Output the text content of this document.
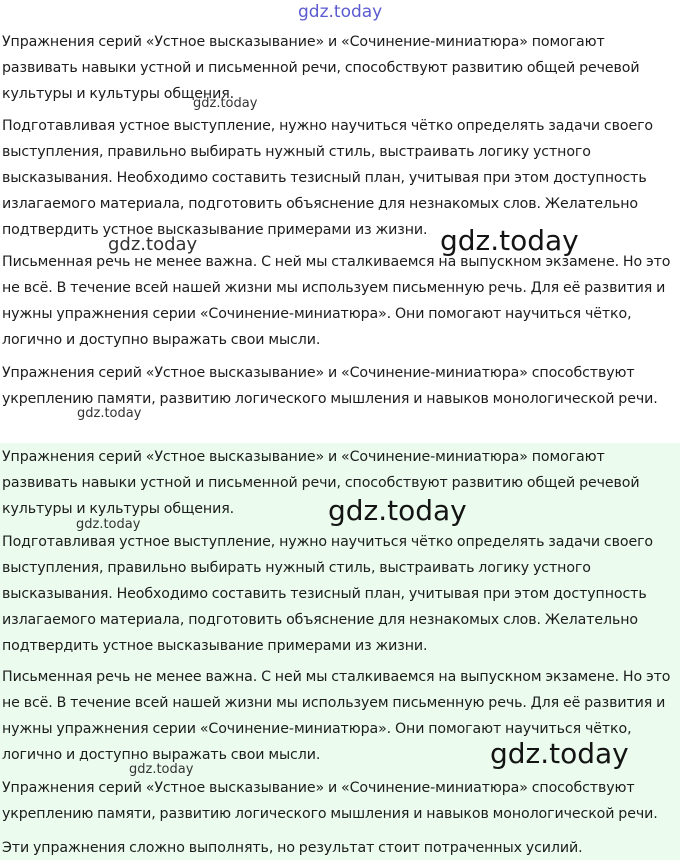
Упражнения серий «Устное высказывание» и «Сочинение-миниатюра» помогают развивать навыки устной и письменной речи, способствуют развитию общей речевой культуры и культуры общения.

Подготавливая устное выступление, нужно научиться чётко определять задачи своего выступления, правильно выбирать нужный стиль, выстраивать логику устного высказывания. Необходимо составить тезисный план, учитывая при этом доступность излагаемого материала, подготовить объяснение для незнакомых слов. Желательно подтвердить устное высказывание примерами из жизни.

Письменная речь не менее важна. С ней мы сталкиваемся на выпускном экзамене. Но это не всё. В течение всей нашей жизни мы используем письменную речь. Для её развития и нужны упражнения серии «Сочинение-миниатюра». Они помогают научиться чётко, логично и доступно выражать свои мысли.

Упражнения серий «Устное высказывание» и «Сочинение-миниатюра» способствуют укреплению памяти, развитию логического мышления и навыков монологической речи.

Упражнения серий «Устное высказывание» и «Сочинение-миниатюра» помогают развивать навыки устной и письменной речи, способствуют развитию общей речевой культуры и культуры общения.

Подготавливая устное выступление, нужно научиться чётко определять задачи своего выступления, правильно выбирать нужный стиль, выстраивать логику устного высказывания. Необходимо составить тезисный план, учитывая при этом доступность излагаемого материала, подготовить объяснение для незнакомых слов. Желательно подтвердить устное высказывание примерами из жизни.

Письменная речь не менее важна. С ней мы сталкиваемся на выпускном экзамене. Но это не всё. В течение всей нашей жизни мы используем письменную речь. Для её развития и нужны упражнения серии «Сочинение-миниатюра». Они помогают научиться чётко, логично и доступно выражать свои мысли.

Упражнения серий «Устное высказывание» и «Сочинение-миниатюра» способствуют укреплению памяти, развитию логического мышления и навыков монологической речи.

Эти упражнения сложно выполнять, но результат стоит потраченных усилий.

gdz.today
gdz.today
gdz.today	gdz.today
gdz.today
gdz.today
gdz.today
gdz.today
gdz.today
